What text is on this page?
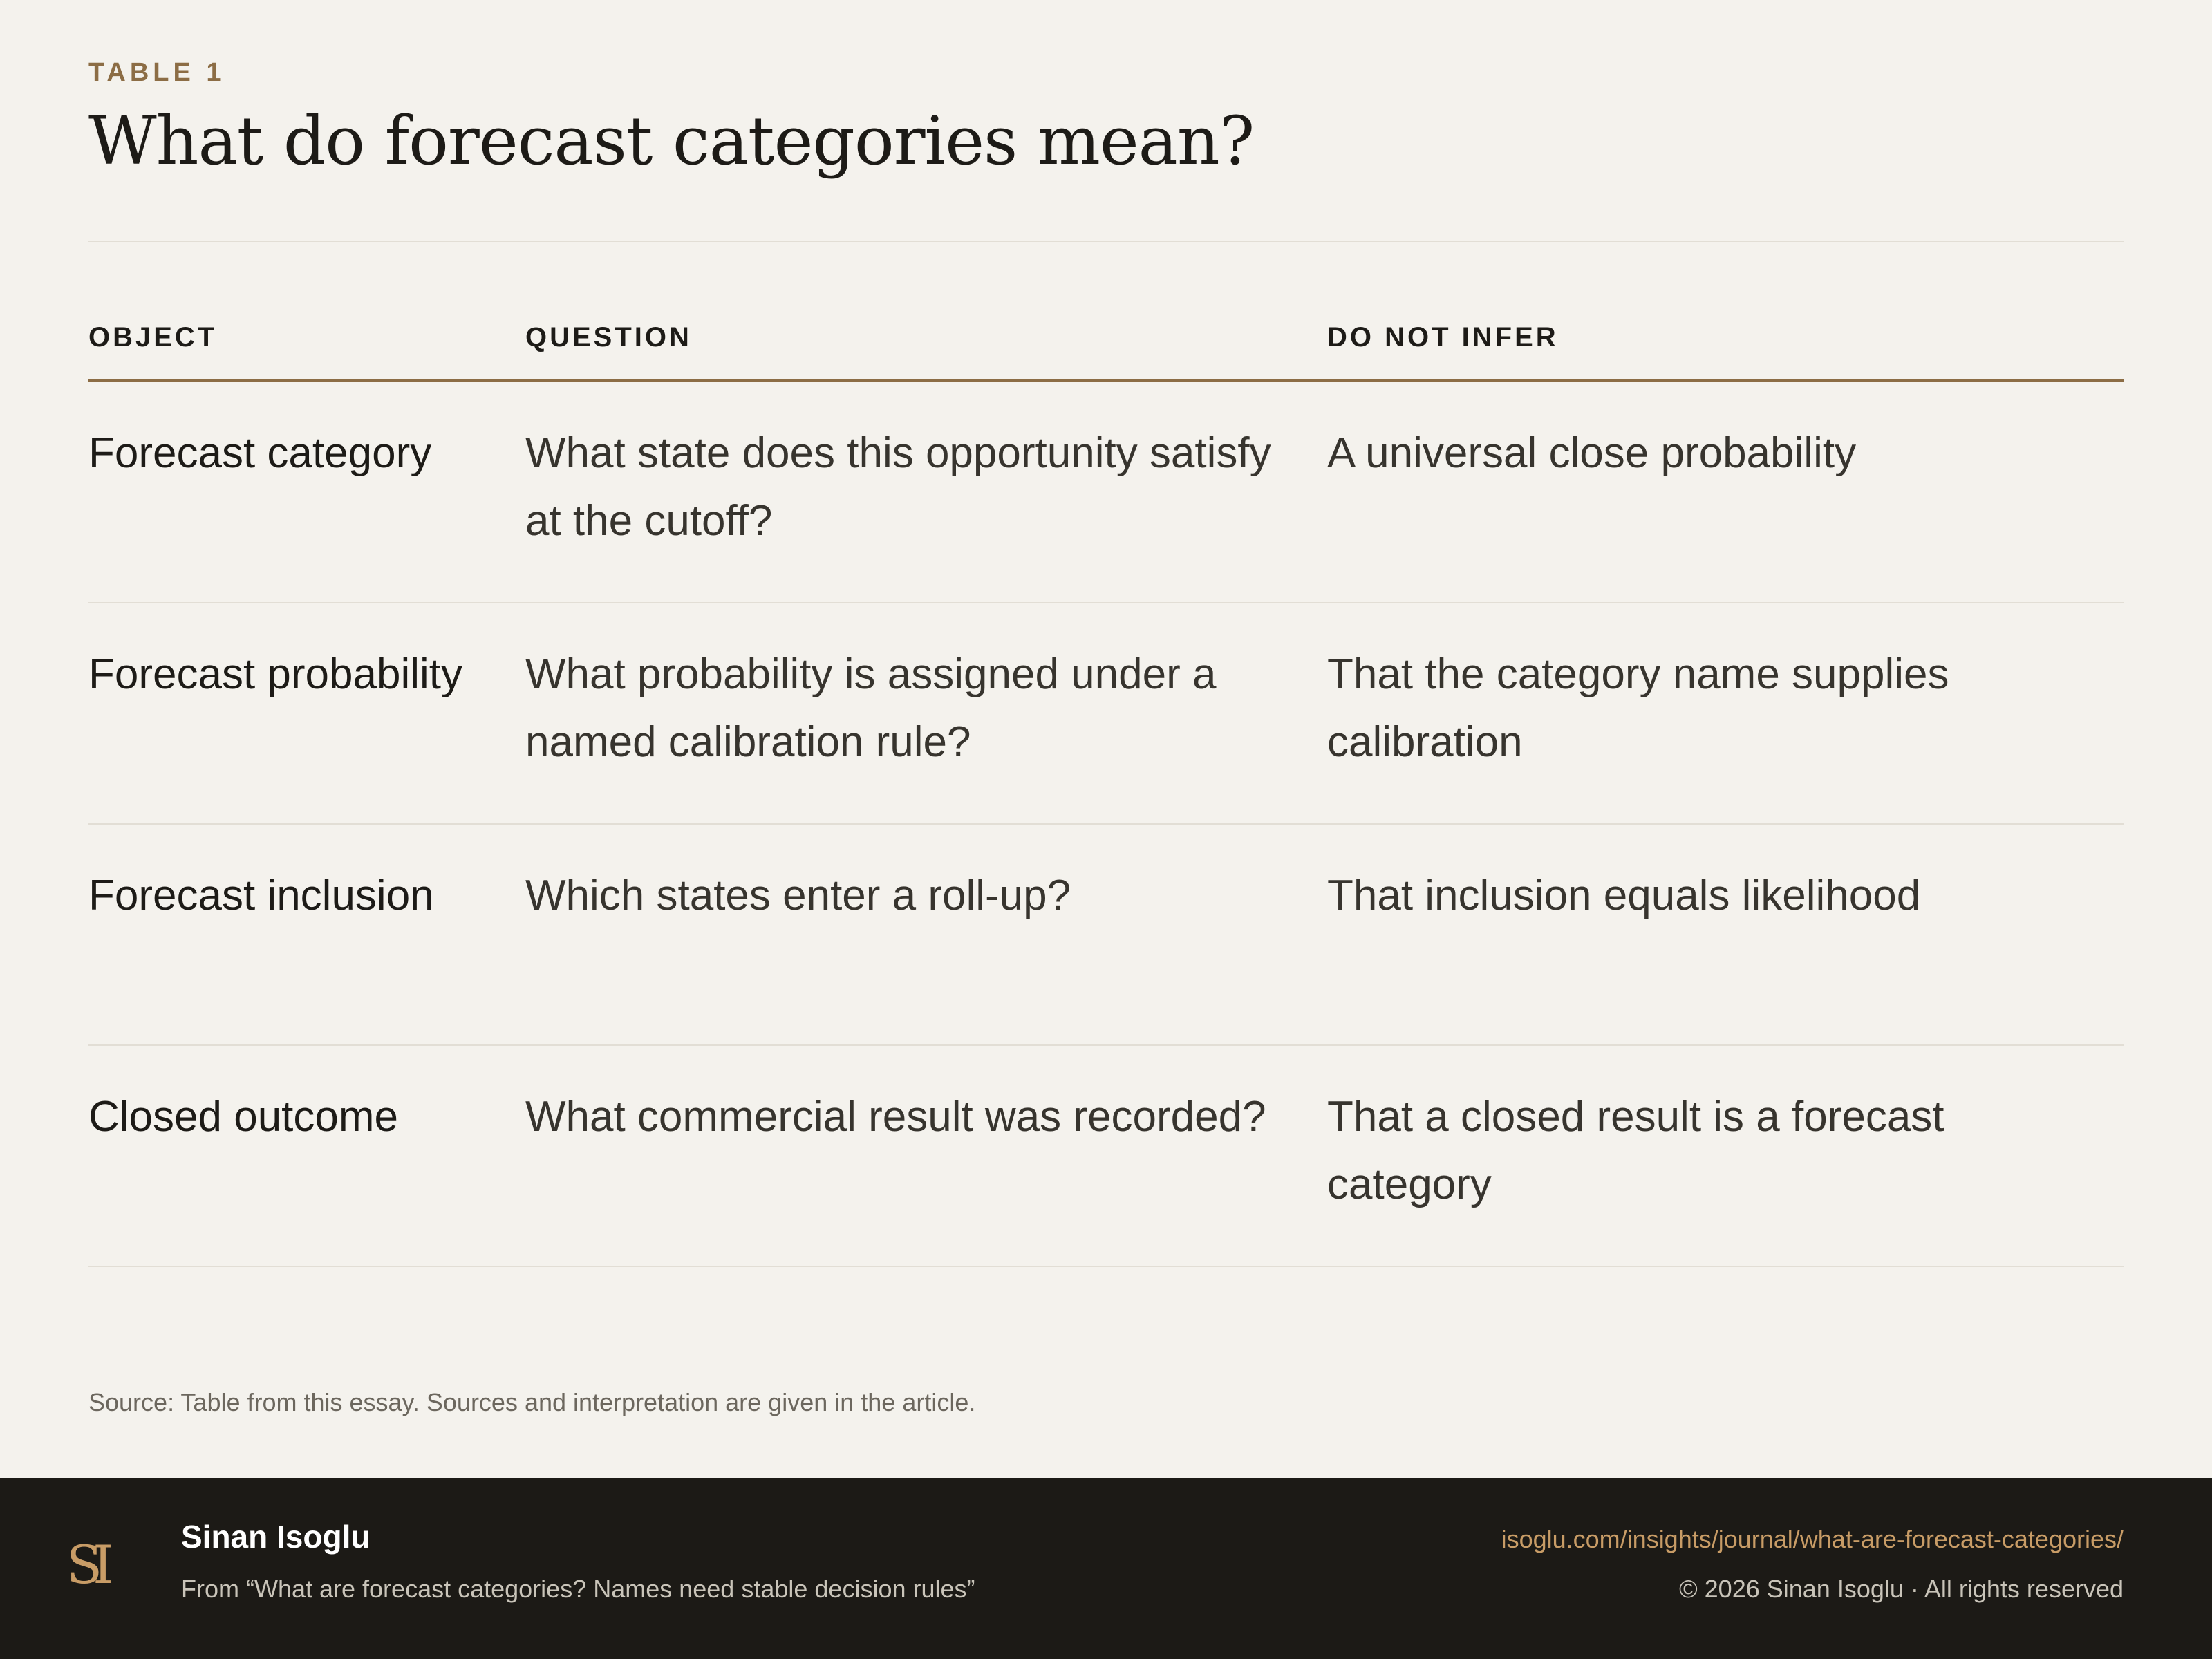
TABLE 1
What do forecast categories mean?
OBJECT	QUESTION	DO NOT INFER
Forecast category	What state does this opportunity satisfy at the cutoff?	A universal close probability
Forecast probability	What probability is assigned under a named calibration rule?	That the category name supplies calibration
Forecast inclusion	Which states enter a roll-up?	That inclusion equals likelihood
Closed outcome	What commercial result was recorded?	That a closed result is a forecast category
Source: Table from this essay. Sources and interpretation are given in the article.
SI Sinan Isoglu
From “What are forecast categories? Names need stable decision rules”
isoglu.com/insights/journal/what-are-forecast-categories/
© 2026 Sinan Isoglu · All rights reserved
